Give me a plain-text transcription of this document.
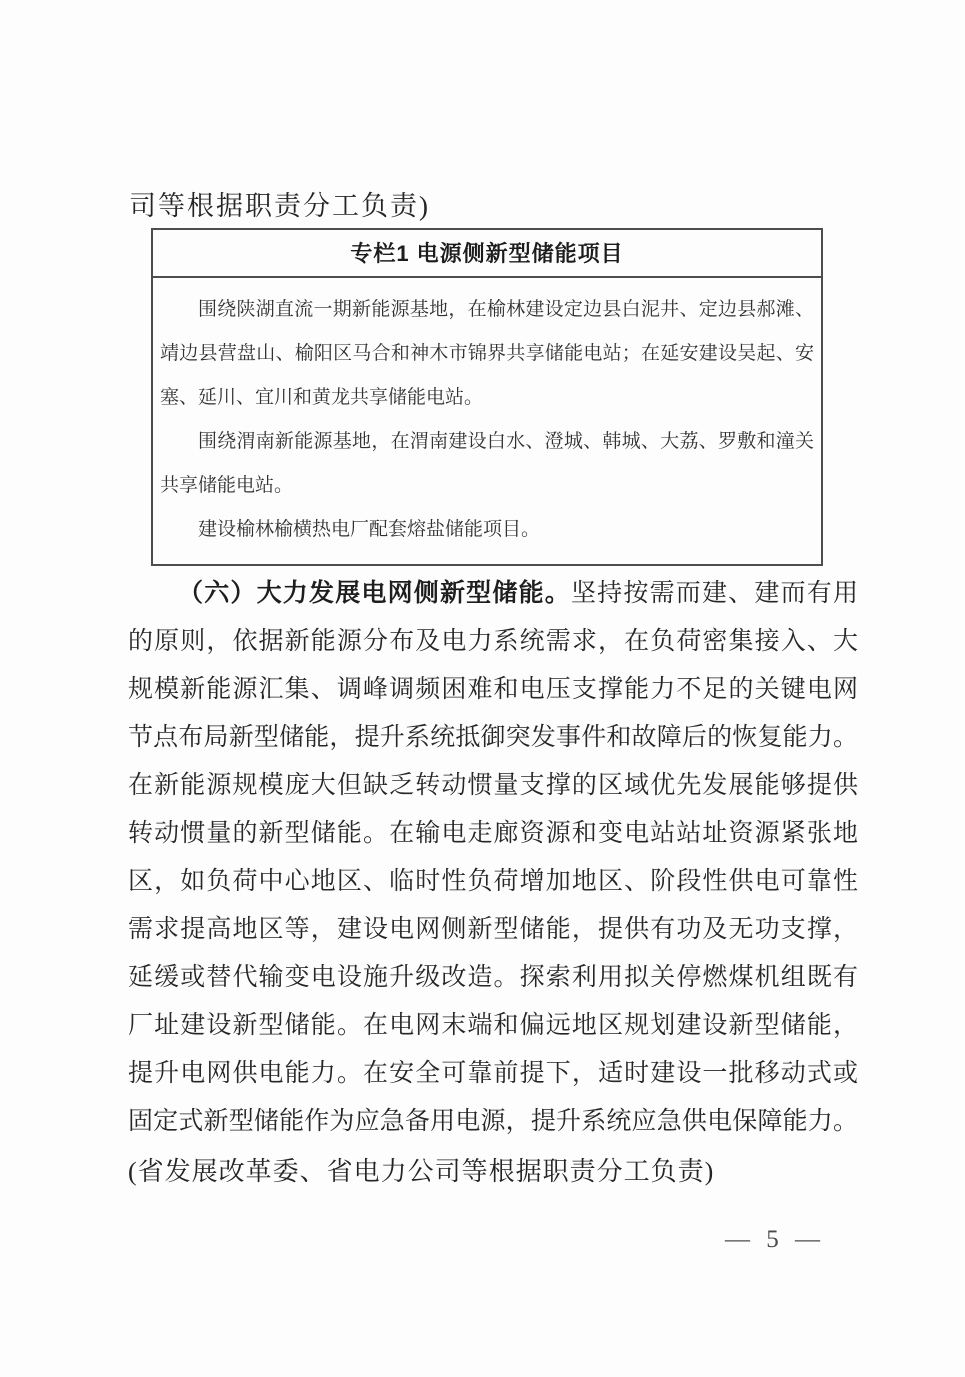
司等根据职责分工负责)
专栏1 电源侧新型储能项目
围绕陕湖直流一期新能源基地，在榆林建设定边县白泥井、定边县郝滩、
靖边县营盘山、榆阳区马合和神木市锦界共享储能电站；在延安建设吴起、安
塞、延川、宜川和黄龙共享储能电站。
围绕渭南新能源基地，在渭南建设白水、澄城、韩城、大荔、罗敷和潼关
共享储能电站。
建设榆林榆横热电厂配套熔盐储能项目。
（六）大力发展电网侧新型储能。坚持按需而建、建而有用
的原则，依据新能源分布及电力系统需求，在负荷密集接入、大
规模新能源汇集、调峰调频困难和电压支撑能力不足的关键电网
节点布局新型储能，提升系统抵御突发事件和故障后的恢复能力。
在新能源规模庞大但缺乏转动惯量支撑的区域优先发展能够提供
转动惯量的新型储能。在输电走廊资源和变电站站址资源紧张地
区，如负荷中心地区、临时性负荷增加地区、阶段性供电可靠性
需求提高地区等，建设电网侧新型储能，提供有功及无功支撑，
延缓或替代输变电设施升级改造。探索利用拟关停燃煤机组既有
厂址建设新型储能。在电网末端和偏远地区规划建设新型储能，
提升电网供电能力。在安全可靠前提下，适时建设一批移动式或
固定式新型储能作为应急备用电源，提升系统应急供电保障能力。
(省发展改革委、省电力公司等根据职责分工负责)
— 5 —
